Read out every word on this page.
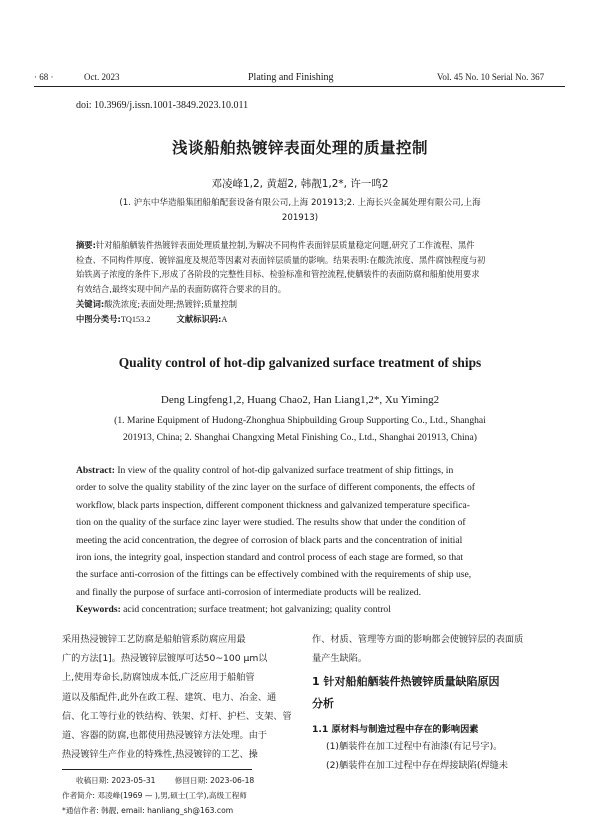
· 68 ·	Oct. 2023	Plating and Finishing	Vol. 45 No. 10 Serial No. 367
doi: 10.3969/j.issn.1001-3849.2023.10.011
浅谈船舶热镀锌表面处理的质量控制
邓凌峰1,2, 黄超2, 韩靓1,2*, 许一鸣2
(1. 沪东中华造船集团船舶配套设备有限公司,上海 201913;2. 上海长兴金属处理有限公司,上海
201913)
摘要:针对船舶舾装件热镀锌表面处理质量控制,为解决不同构件表面锌层质量稳定问题,研究了工作流程、黑件
检查、不同构件厚度、镀锌温度及规范等因素对表面锌层质量的影响。结果表明:在酸洗浓度、黑件腐蚀程度与初
始铁离子浓度的条件下,形成了各阶段的完整性目标、检验标准和管控流程,使舾装件的表面防腐和船舶使用要求
有效结合,最终实现中间产品的表面防腐符合要求的目的。
关键词:酸洗浓度;表面处理;热镀锌;质量控制
中图分类号:TQ153.2	文献标识码:A
Quality control of hot-dip galvanized surface treatment of ships
Deng Lingfeng1,2, Huang Chao2, Han Liang1,2*, Xu Yiming2
(1. Marine Equipment of Hudong-Zhonghua Shipbuilding Group Supporting Co., Ltd., Shanghai
201913, China; 2. Shanghai Changxing Metal Finishing Co., Ltd., Shanghai 201913, China)
Abstract: In view of the quality control of hot-dip galvanized surface treatment of ship fittings, in
order to solve the quality stability of the zinc layer on the surface of different components, the effects of
workflow, black parts inspection, different component thickness and galvanized temperature specifica-
tion on the quality of the surface zinc layer were studied. The results show that under the condition of
meeting the acid concentration, the degree of corrosion of black parts and the concentration of initial
iron ions, the integrity goal, inspection standard and control process of each stage are formed, so that
the surface anti-corrosion of the fittings can be effectively combined with the requirements of ship use,
and finally the purpose of surface anti-corrosion of intermediate products will be realized.
Keywords: acid concentration; surface treatment; hot galvanizing; quality control
采用热浸镀锌工艺防腐是船舶管系防腐应用最
广的方法[1]。热浸镀锌层镀厚可达50~100 μm以
上,使用寿命长,防腐蚀成本低,广泛应用于船舶管
道以及船配件,此外在政工程、建筑、电力、冶金、通
信、化工等行业的铁结构、铁架、灯杆、护栏、支架、管
道、容器的防腐,也都使用热浸镀锌方法处理。由于
热浸镀锌生产作业的特殊性,热浸镀锌的工艺、操
作、材质、管理等方面的影响都会使镀锌层的表面质
量产生缺陷。
1 针对船舶舾装件热镀锌质量缺陷原因
分析
1.1 原材料与制造过程中存在的影响因素
(1)舾装件在加工过程中有油漆(有记号字)。
(2)舾装件在加工过程中存在焊接缺陷(焊缝未
收稿日期: 2023-05-31        修回日期: 2023-06-18
作者简介: 邓凌峰(1969 — ),男,硕士(工学),高级工程师
*通信作者: 韩靓, email: hanliang_sh@163.com
